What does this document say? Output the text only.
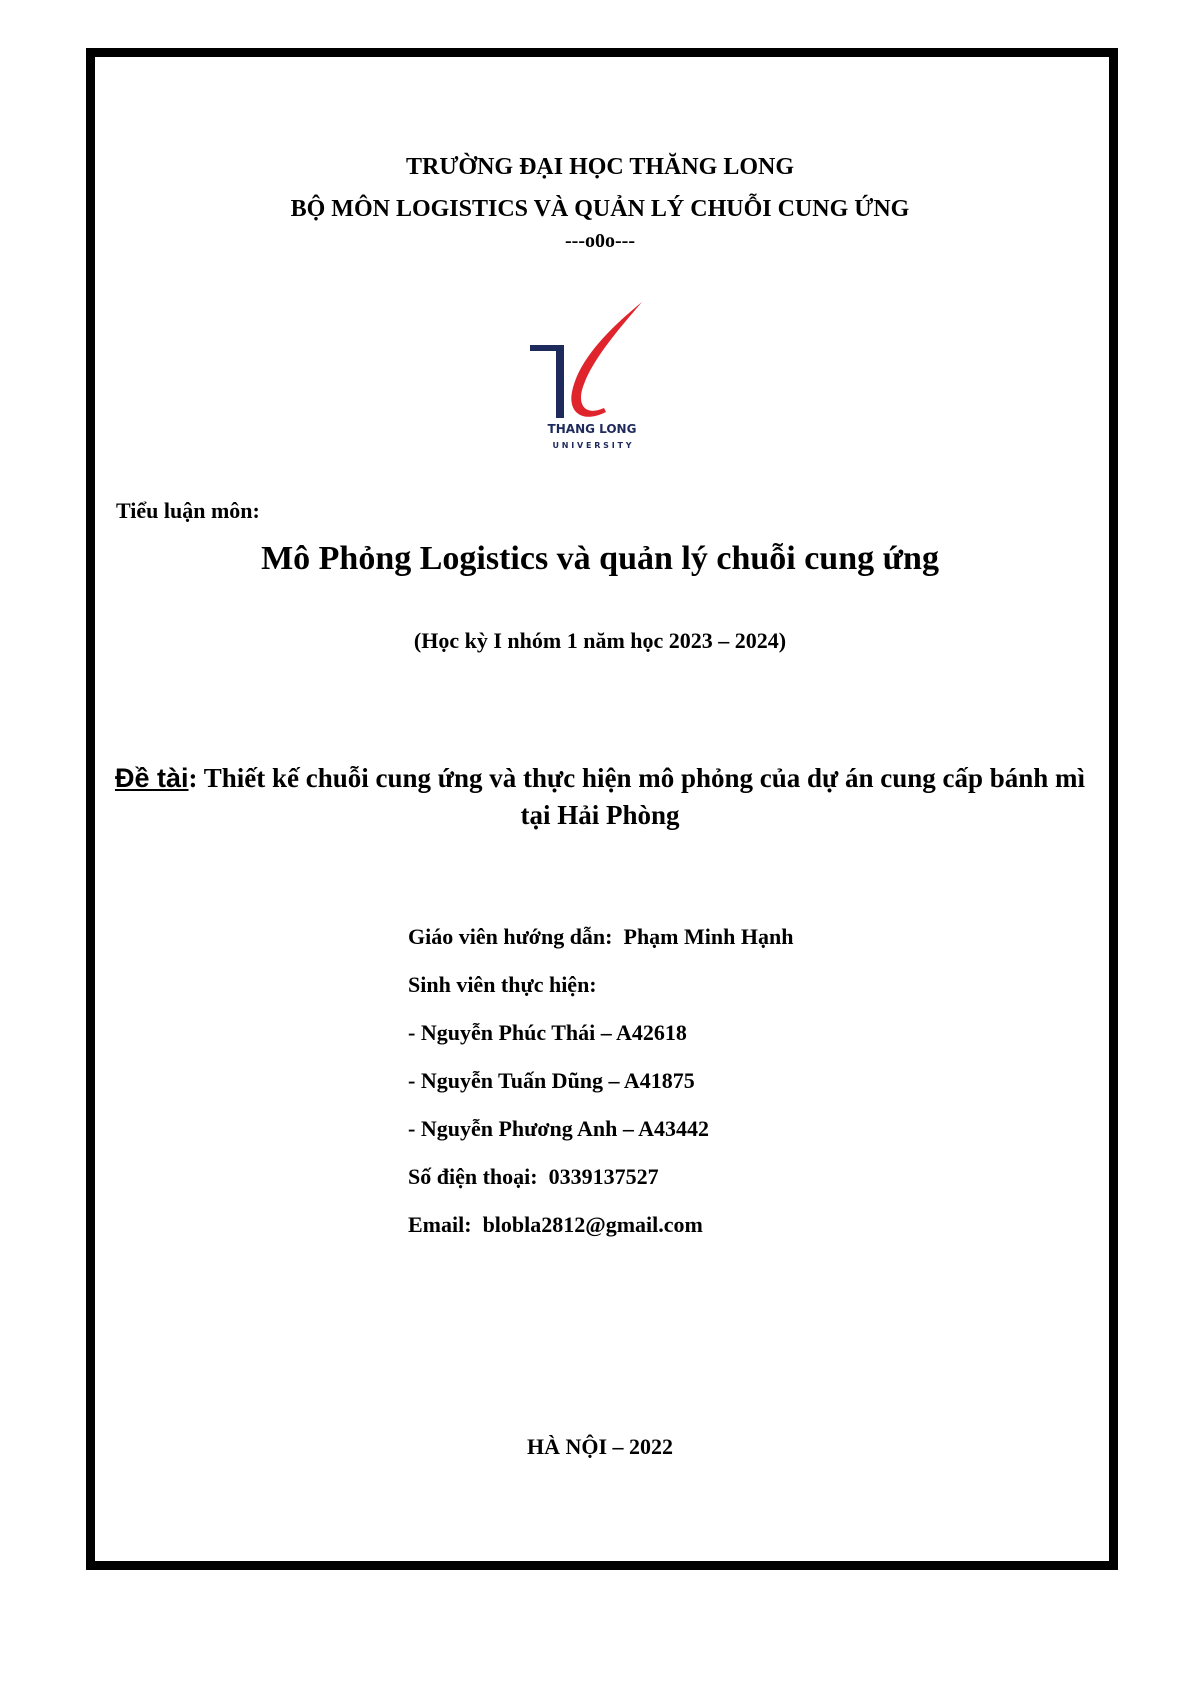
TRƯỜNG ĐẠI HỌC THĂNG LONG
BỘ MÔN LOGISTICS VÀ QUẢN LÝ CHUỖI CUNG ỨNG
---o0o---
THANG LONG
U N I V E R S I T Y
Tiểu luận môn:
Mô Phỏng Logistics và quản lý chuỗi cung ứng
(Học kỳ I nhóm 1 năm học 2023 – 2024)
Đề tài: Thiết kế chuỗi cung ứng và thực hiện mô phỏng của dự án cung cấp bánh mì tại Hải Phòng
Giáo viên hướng dẫn: Phạm Minh Hạnh
Sinh viên thực hiện:
- Nguyễn Phúc Thái – A42618
- Nguyễn Tuấn Dũng – A41875
- Nguyễn Phương Anh – A43442
Số điện thoại: 0339137527
Email: blobla2812@gmail.com
HÀ NỘI – 2022
